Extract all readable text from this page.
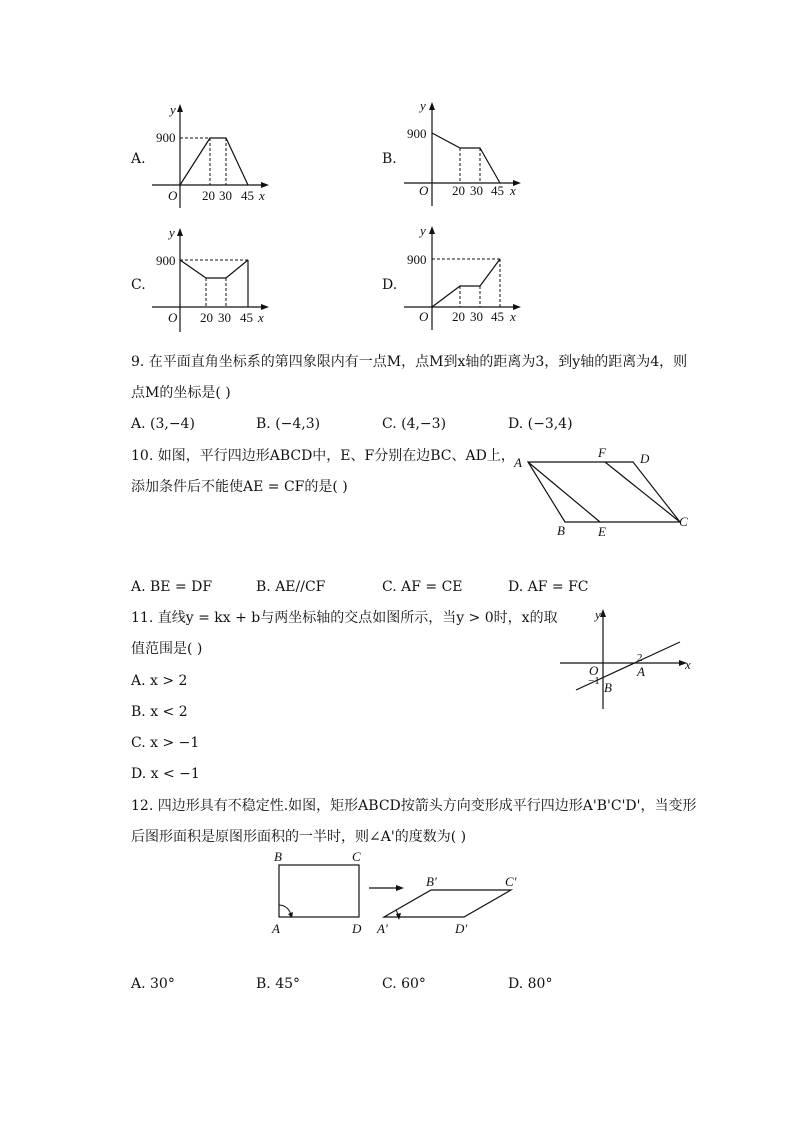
A.
y
x
O
900
20 30 45
B.
y
x
O
900
20 30 45
C.
y
x
O
900
20 30 45
D.
y
x
O
900
20 30 45
9. 在平面直角坐标系的第四象限内有一点M，点M到x轴的距离为3，到y轴的距离为4，则
点M的坐标是( )
A. (3,−4)	B. (−4,3)	C. (4,−3)	D. (−3,4)
10. 如图，平行四边形ABCD中，E、F分别在边BC、AD上，
添加条件后不能使AE = CF的是( )
A
F	D
B	E
C
A. BE = DF	B. AE//CF	C. AF = CE	D. AF = FC
11. 直线y = kx + b与两坐标轴的交点如图所示，当y > 0时，x的取
值范围是( )
y
x
O
2
A
−1 B
A. x > 2
B. x < 2
C. x > −1
D. x < −1
12. 四边形具有不稳定性.如图，矩形ABCD按箭头方向变形成平行四边形A'B'C'D'，当变形
后图形面积是原图形面积的一半时，则∠A'的度数为( )
B	C
A	D
B′	C′
A′	D′
A. 30°	B. 45°	C. 60°	D. 80°
